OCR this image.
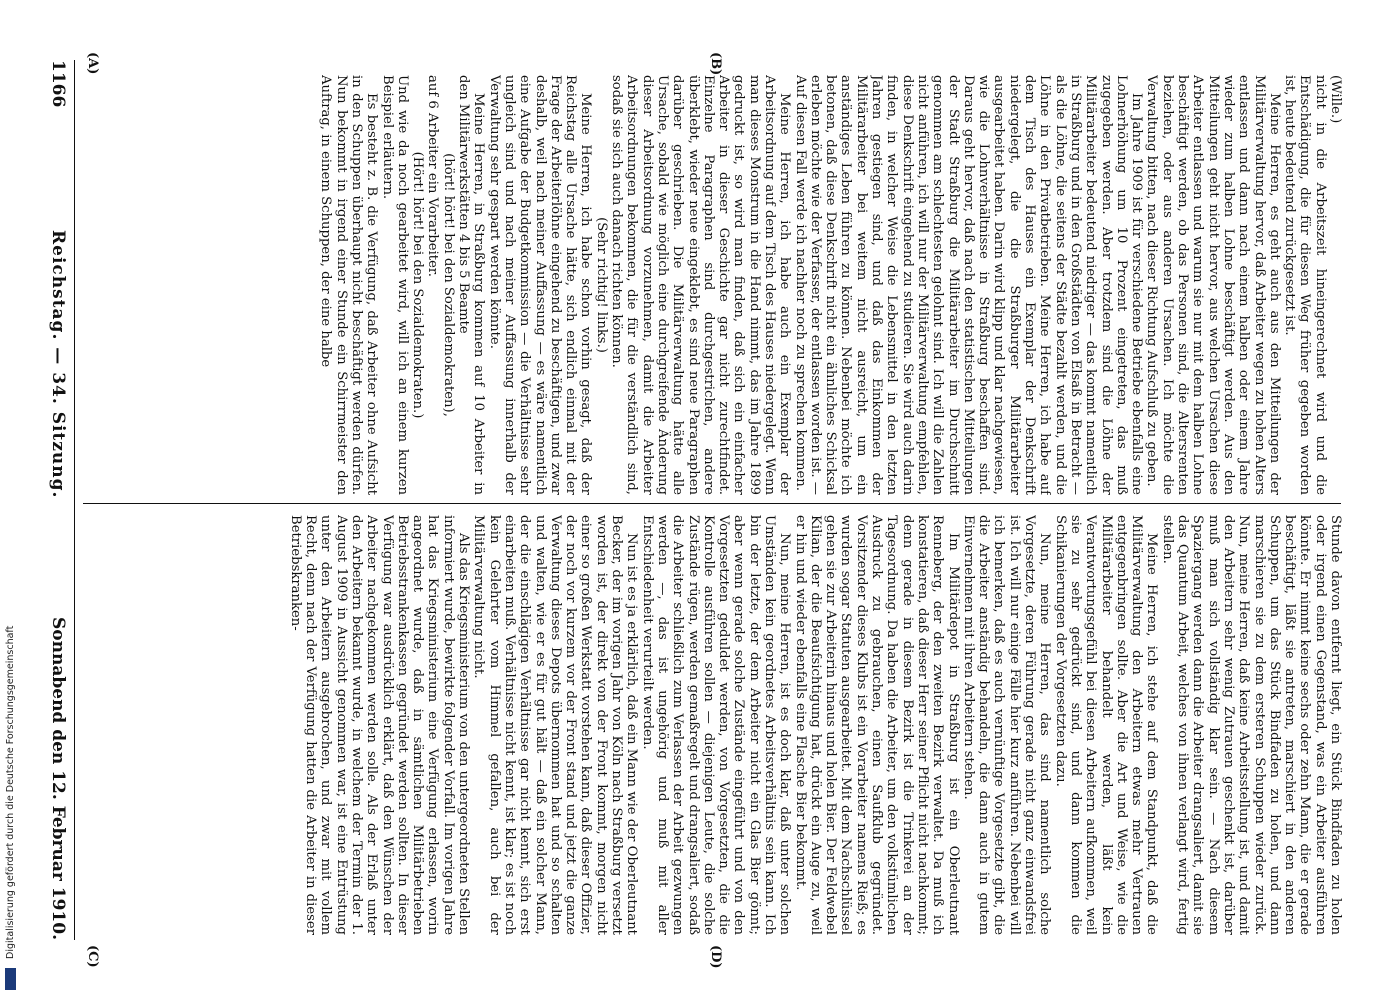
1166
Reichstag. — 34. Sitzung.
Sonnabend den 12. Februar 1910.
(A)	(B)
(C)	(D)

(Wille.)

nicht in die Arbeitszeit hineingerechnet wird und die Entschädigung, die für diesen Weg früher gegeben worden ist, heute bedeutend zurückgesetzt ist.

Meine Herren, es geht auch aus den Mitteilungen der Militärverwaltung hervor, daß Arbeiter wegen zu hohen Alters entlassen und dann nach einem halben oder einem Jahre wieder zum halben Lohne beschäftigt werden. Aus den Mitteilungen geht nicht hervor, aus welchen Ursachen diese Arbeiter entlassen und warum sie nur mit dem halben Lohne beschäftigt werden, ob das Personen sind, die Altersrenten beziehen, oder aus anderen Ursachen. Ich möchte die Verwaltung bitten, nach dieser Richtung Aufschluß zu geben.

Im Jahre 1909 ist für verschiedene Betriebe ebenfalls eine Lohnerhöhung um 10 Prozent eingetreten, das muß zugegeben werden. Aber trotzdem sind die Löhne der Militärarbeiter bedeutend niedriger — das kommt namentlich in Straßburg und in den Großstädten von Elsaß in Betracht — als die Löhne, die seitens der Städte bezahlt werden, und die Löhne in den Privatbetrieben. Meine Herren, ich habe auf dem Tisch des Hauses ein Exemplar der Denkschrift niedergelegt, die die Straßburger Militärarbeiter ausgearbeitet haben. Darin wird klipp und klar nachgewiesen, wie die Lohnverhältnisse in Straßburg beschaffen sind. Daraus geht hervor, daß nach den statistischen Mitteilungen der Stadt Straßburg die Militärarbeiter im Durchschnitt genommen am schlechtesten gelohnt sind. Ich will die Zahlen nicht anführen, ich will nur der Militärverwaltung empfehlen, diese Denkschrift eingehend zu studieren. Sie wird auch darin finden, in welcher Weise die Lebensmittel in den letzten Jahren gestiegen sind, und daß das Einkommen der Militärarbeiter bei weitem nicht ausreicht, um ein anständiges Leben führen zu können. Nebenbei möchte ich betonen, daß diese Denkschrift nicht ein ähnliches Schicksal erleben möchte wie der Verfasser, der entlassen worden ist. — Auf diesen Fall werde ich nachher noch zu sprechen kommen.

Meine Herren, ich habe auch ein Exemplar der Arbeitsordnung auf dem Tisch des Hauses niedergelegt. Wenn man dieses Monstrum in die Hand nimmt, das im Jahre 1899 gedruckt ist, so wird man finden, daß sich ein einfacher Arbeiter in dieser Geschichte gar nicht zurechtfindet. Einzelne Paragraphen sind durchgestrichen, andere überklebt, wieder neue eingeklebt, es sind neue Paragraphen darüber geschrieben. Die Militärverwaltung hätte alle Ursache, sobald wie möglich eine durchgreifende Änderung dieser Arbeitsordnung vorzunehmen, damit die Arbeiter Arbeitsordnungen bekommen, die für die verständlich sind, sodaß sie sich auch danach richten können.

(Sehr richtig! links.)

Meine Herren, ich habe schon vorhin gesagt, daß der Reichstag alle Ursache hätte, sich endlich einmal mit der Frage der Arbeiterlöhne eingehend zu beschäftigen, und zwar deshalb, weil nach meiner Auffassung — es wäre namentlich eine Aufgabe der Budgetkommission — die Verhältnisse sehr ungleich sind und nach meiner Auffassung innerhalb der Verwaltung sehr gespart werden könnte.

Meine Herren, in Straßburg kommen auf 10 Arbeiter in den Militärwerkstätten 4 bis 5 Beamte

(hört! hört! bei den Sozialdemokraten),

auf 6 Arbeiter ein Vorarbeiter.

(Hört! hört! bei den Sozialdemokraten.)

Und wie da noch gearbeitet wird, will ich an einem kurzen Beispiel erläutern.

Es besteht z. B. die Verfügung, daß Arbeiter ohne Aufsicht in den Schuppen überhaupt nicht beschäftigt werden dürfen. Nun bekommt in irgend einer Stunde ein Schirrmeister den Auftrag, in einem Schuppen, der eine halbe

Stunde davon entfernt liegt, ein Stück Bindfaden zu holen oder irgend einen Gegenstand, was ein Arbeiter ausführen könnte. Er nimmt keine sechs oder zehn Mann, die er gerade beschäftigt, läßt sie antreten, marschiert in den anderen Schuppen, um das Stück Bindfaden zu holen, und dann marschieren sie zu dem ersteren Schuppen wieder zurück. Nun, meine Herren, daß keine Arbeitsstellung ist, und damit den Arbeitern sehr wenig Zutrauen geschenkt ist, darüber muß man sich vollständig klar sein. — Nach diesem Spaziergang werden dann die Arbeiter drangsaliert, damit sie das Quantum Arbeit, welches von ihnen verlangt wird, fertig stellen.

Meine Herren, ich stehe auf dem Standpunkt, daß die Militärverwaltung den Arbeitern etwas mehr Vertrauen entgegenbringen sollte. Aber die Art und Weise, wie die Militärarbeiter behandelt werden, läßt kein Verantwortungsgefühl bei diesen Arbeitern aufkommen, weil sie zu sehr gedrückt sind, und dann kommen die Schikanierungen der Vorgesetzten dazu.

Nun, meine Herren, das sind namentlich solche Vorgesetzte, deren Führung gerade nicht ganz einwandsfrei ist. Ich will nur einige Fälle hier kurz anführen. Nebenbei will ich bemerken, daß es auch vernünftige Vorgesetzte gibt, die die Arbeiter anständig behandeln, die dann auch in gutem Einvernehmen mit ihren Arbeitern stehen.

Im Militärdepot in Straßburg ist ein Oberleutnant Renneberg, der den zweiten Bezirk verwaltet. Da muß ich konstatieren, daß dieser Herr seiner Pflicht nicht nachkommt; denn gerade in diesem Bezirk ist die Trinkerei an der Tagesordnung. Da haben die Arbeiter, um den volkstümlichen Ausdruck zu gebrauchen, einen Saufklub gegründet. Vorsitzender dieses Klubs ist ein Vorarbeiter namens Rieß; es wurden sogar Statuten ausgearbeitet. Mit dem Nachschlüssel gehen sie zur Arbeiterin hinaus und holen Bier. Der Feldwebel Kilian, der die Beaufsichtigung hat, drückt ein Auge zu, weil er hin und wieder ebenfalls eine Flasche Bier bekommt.

Nun, meine Herren, ist es doch klar, daß unter solchen Umständen kein geordnetes Arbeitsverhältnis sein kann. Ich bin der letzte, der dem Arbeiter nicht ein Glas Bier gönnt; aber wenn gerade solche Zustände eingeführt und von den Vorgesetzten geduldet werden, von Vorgesetzten, die die Kontrolle ausführen sollen — diejenigen Leute, die solche Zustände rügen, werden gemaßregelt und drangsaliert, sodaß die Arbeiter schließlich zum Verlassen der Arbeit gezwungen werden —, das ist ungehörig und muß mit aller Entschiedenheit verurteilt werden.

Nun ist es ja erklärlich, daß ein Mann wie der Oberleutnant Becker, der im vorigen Jahr von Köln nach Straßburg versetzt worden ist, der direkt von der Front kommt, morgen nicht einer so großen Werkstatt vorstehen kann, daß dieser Offizier, der noch vor kurzem vor der Front stand und jetzt die ganze Verwaltung dieses Depots übernommen hat und so schalten und walten, wie er es für gut hält — daß ein solcher Mann, der die einschlägigen Verhältnisse gar nicht kennt, sich erst einarbeiten muß. Verhältnisse nicht kennt, ist klar; es ist noch kein Gelehrter vom Himmel gefallen, auch bei der Militärverwaltung nicht.

Als das Kriegsministerium von den untergeordneten Stellen informiert wurde, bewirkte folgender Vorfall. Im vorigen Jahre hat das Kriegsministerium eine Verfügung erlassen, worin angeordnet wurde, daß in sämtlichen Militärbetrieben Betriebsstrankenkassen gegründet werden sollten. In dieser Verfügung war ausdrücklich erklärt, daß den Wünschen der Arbeiter nachgekommen werden solle. Als der Erlaß unter den Arbeitern bekannt wurde, in welchem der Termin der 1. August 1909 in Aussicht genommen war, ist eine Entrüstung unter den Arbeitern ausgebrochen, und zwar mit vollem Recht, denn nach der Verfügung hatten die Arbeiter in dieser Betriebskranken-

Digitalisierung gefördert durch die Deutsche Forschungsgemeinschaft
